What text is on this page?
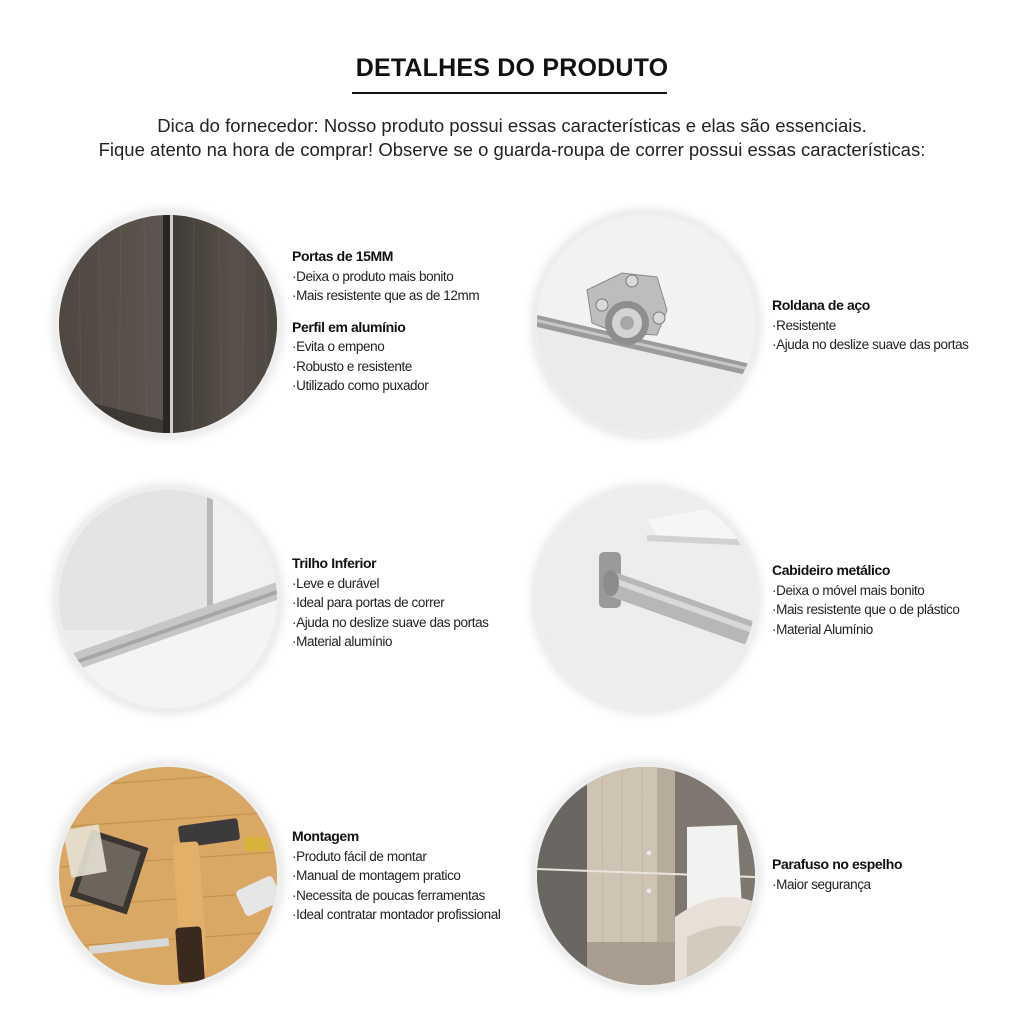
DETALHES DO PRODUTO
Dica do fornecedor: Nosso produto possui essas características e elas são essenciais.
Fique atento na hora de comprar! Observe se o guarda-roupa de correr possui essas características:
Portas de 15MM
·Deixa o produto mais bonito
·Mais resistente que as de 12mm
Perfil em alumínio
·Evita o empeno
·Robusto e resistente
·Utilizado como puxador
Roldana de aço
·Resistente
·Ajuda no deslize suave das portas
Trilho Inferior
·Leve e durável
·Ideal para portas de correr
·Ajuda no deslize suave das portas
·Material alumínio
Cabideiro metálico
·Deixa o móvel mais bonito
·Mais resistente que o de plástico
·Material Alumínio
Montagem
·Produto fácil de montar
·Manual de montagem pratico
·Necessita de poucas ferramentas
·Ideal contratar montador profissional
Parafuso no espelho
·Maior segurança
